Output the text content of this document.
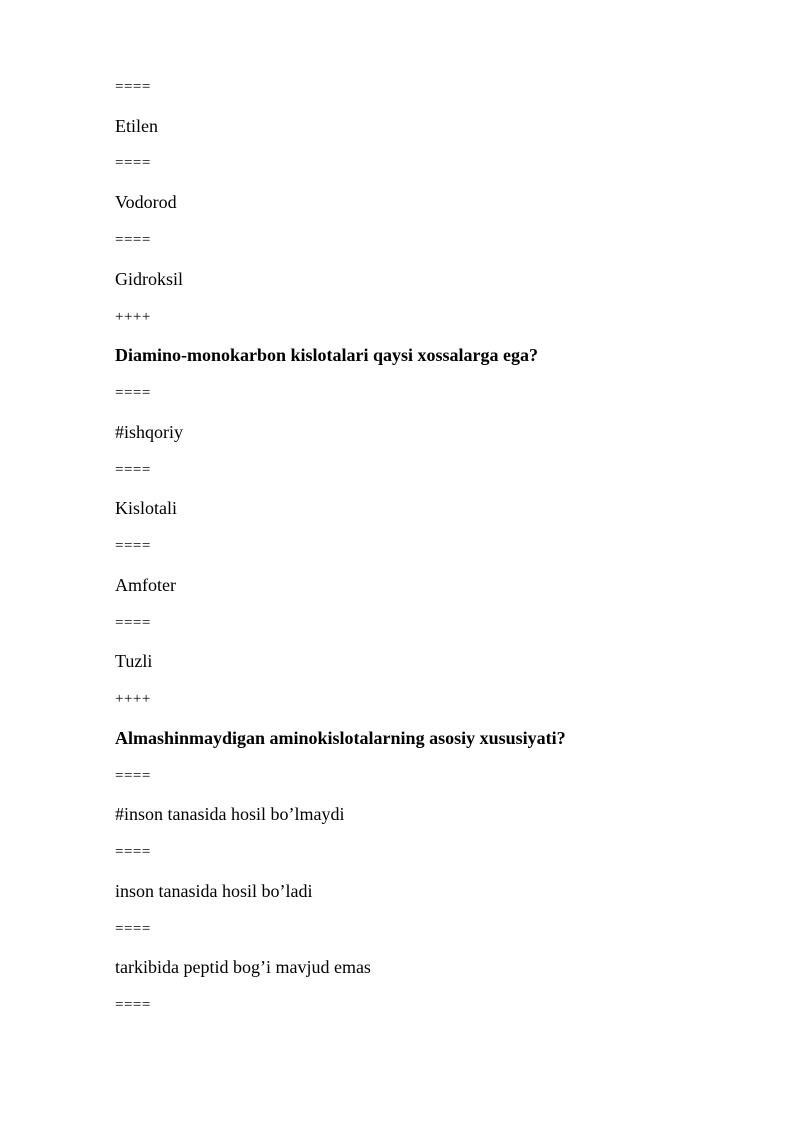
====
Etilen
====
Vodorod
====
Gidroksil
++++
Diamino-monokarbon kislotalari qaysi xossalarga ega?
====
#ishqoriy
====
Kislotali
====
Amfoter
====
Tuzli
++++
Almashinmaydigan aminokislotalarning asosiy xususiyati?
====
#inson tanasida hosil bo’lmaydi
====
inson tanasida hosil bo’ladi
====
tarkibida peptid bog’i mavjud emas
====
